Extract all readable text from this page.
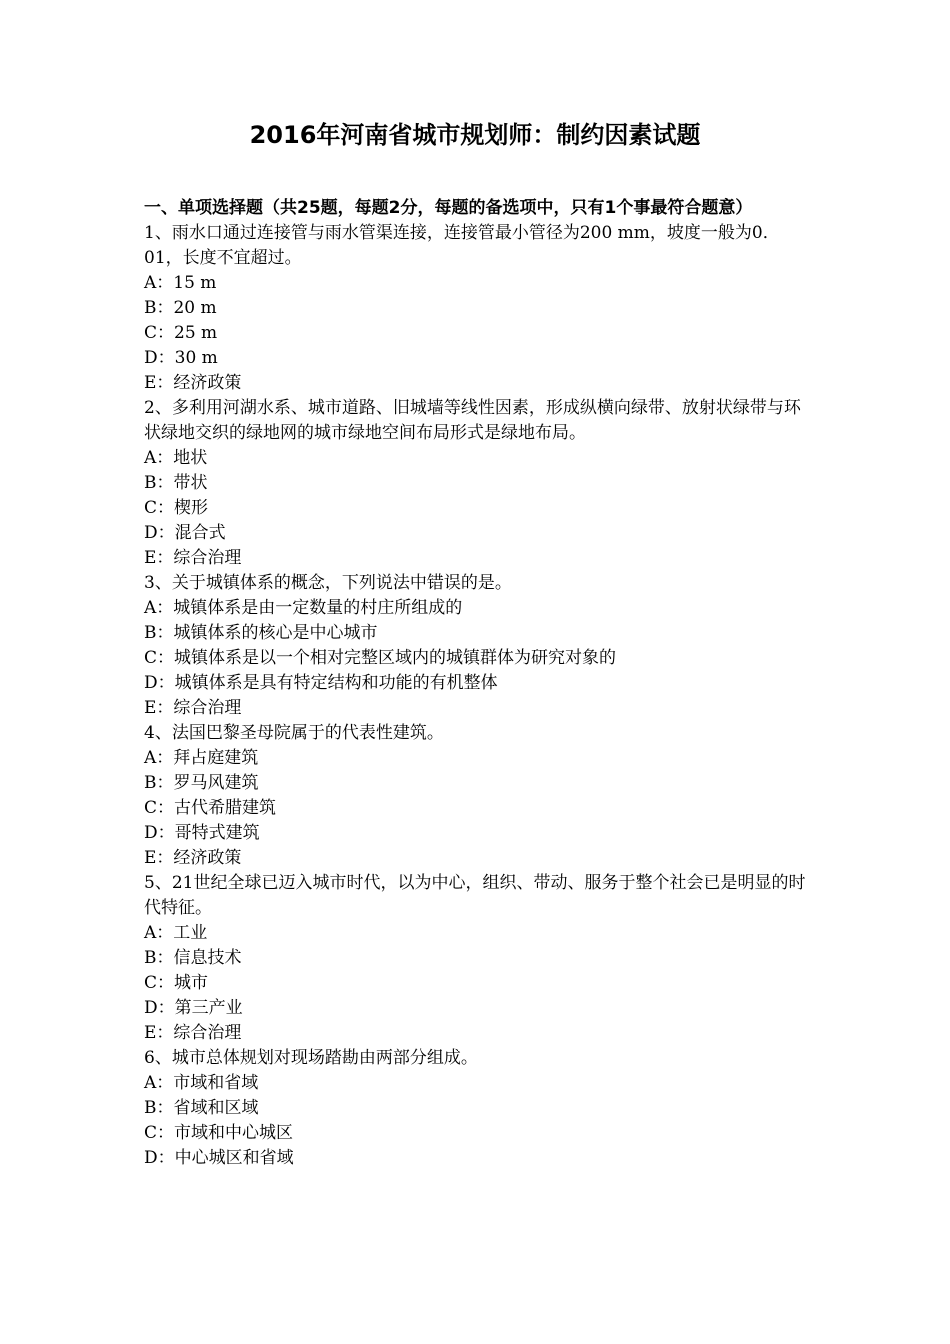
2016年河南省城市规划师：制约因素试题

一、单项选择题（共25题，每题2分，每题的备选项中，只有1个事最符合题意）

1、雨水口通过连接管与雨水管渠连接，连接管最小管径为200 mm，坡度一般为0．01，长度不宜超过。

A：15 m

B：20 m

C：25 m

D：30 m

E：经济政策

2、多利用河湖水系、城市道路、旧城墙等线性因素，形成纵横向绿带、放射状绿带与环状绿地交织的绿地网的城市绿地空间布局形式是绿地布局。

A：地状

B：带状

C：楔形

D：混合式

E：综合治理

3、关于城镇体系的概念，下列说法中错误的是。

A：城镇体系是由一定数量的村庄所组成的

B：城镇体系的核心是中心城市

C：城镇体系是以一个相对完整区域内的城镇群体为研究对象的

D：城镇体系是具有特定结构和功能的有机整体

E：综合治理

4、法国巴黎圣母院属于的代表性建筑。

A：拜占庭建筑

B：罗马风建筑

C：古代希腊建筑

D：哥特式建筑

E：经济政策

5、21世纪全球已迈入城市时代，以为中心，组织、带动、服务于整个社会已是明显的时代特征。

A：工业

B：信息技术

C：城市

D：第三产业

E：综合治理

6、城市总体规划对现场踏勘由两部分组成。

A：市域和省域

B：省域和区域

C：市域和中心城区

D：中心城区和省域
